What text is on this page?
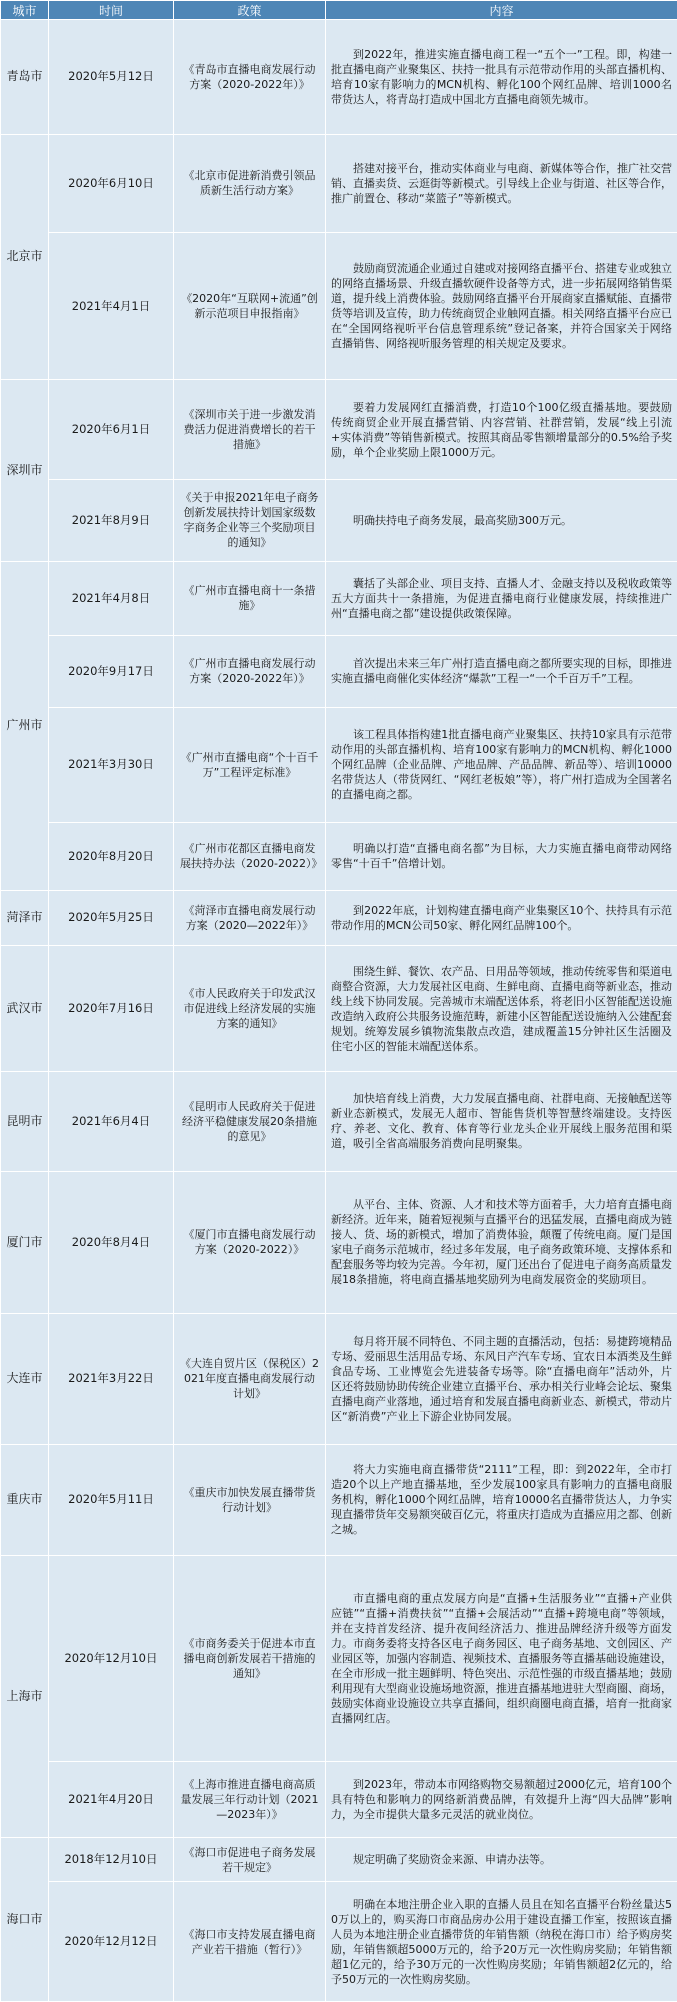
城市	时间	政策	内容
青岛市	2020年5月12日	《青岛市直播电商发展行动方案（2020-2022年）》	到2022年，推进实施直播电商工程一“五个一”工程。即，构建一批直播电商产业聚集区、扶持一批具有示范带动作用的头部直播机构、培育10家有影响力的MCN机构、孵化100个网红品牌、培训1000名带货达人，将青岛打造成中国北方直播电商领先城市。
北京市	2020年6月10日	《北京市促进新消费引领品质新生活行动方案》	搭建对接平台，推动实体商业与电商、新媒体等合作，推广社交营销、直播卖货、云逛街等新模式。引导线上企业与街道、社区等合作，推广前置仓、移动“菜篮子”等新模式。
	2021年4月1日	《2020年“互联网+流通”创新示范项目申报指南》	鼓励商贸流通企业通过自建或对接网络直播平台、搭建专业或独立的网络直播场景、升级直播软硬件设备等方式，进一步拓展网络销售渠道，提升线上消费体验。鼓励网络直播平台开展商家直播赋能、直播带货等培训及宣传，助力传统商贸企业触网直播。相关网络直播平台应已在“全国网络视听平台信息管理系统”登记备案，并符合国家关于网络直播销售、网络视听服务管理的相关规定及要求。
深圳市	2020年6月1日	《深圳市关于进一步激发消费活力促进消费增长的若干措施》	要着力发展网红直播消费，打造10个100亿级直播基地。要鼓励传统商贸企业开展直播营销、内容营销、社群营销，发展“线上引流+实体消费”等销售新模式。按照其商品零售额增量部分的0.5%给予奖励，单个企业奖励上限1000万元。
	2021年8月9日	《关于申报2021年电子商务创新发展扶持计划国家级数字商务企业等三个奖励项目的通知》	明确扶持电子商务发展，最高奖励300万元。
广州市	2021年4月8日	《广州市直播电商十一条措施》	囊括了头部企业、项目支持、直播人才、金融支持以及税收政策等五大方面共十一条措施，为促进直播电商行业健康发展，持续推进广州“直播电商之都”建设提供政策保障。
	2020年9月17日	《广州市直播电商发展行动方案（2020-2022年）》	首次提出未来三年广州打造直播电商之都所要实现的目标，即推进实施直播电商催化实体经济“爆款”工程一“一个千百万千”工程。
	2021年3月30日	《广州市直播电商“个十百千万”工程评定标准》	该工程具体指构建1批直播电商产业聚集区、扶持10家具有示范带动作用的头部直播机构、培育100家有影响力的MCN机构、孵化1000个网红品牌（企业品牌、产地品牌、产品品牌、新品等）、培训10000名带货达人（带货网红、“网红老板娘”等），将广州打造成为全国著名的直播电商之都。
	2020年8月20日	《广州市花都区直播电商发展扶持办法（2020-2022）》	明确以打造“直播电商名都”为目标，大力实施直播电商带动网络零售“十百千”倍增计划。
菏泽市	2020年5月25日	《菏泽市直播电商发展行动方案（2020—2022年）》	到2022年底，计划构建直播电商产业集聚区10个、扶持具有示范带动作用的MCN公司50家、孵化网红品牌100个。
武汉市	2020年7月16日	《市人民政府关于印发武汉市促进线上经济发展的实施方案的通知》	围绕生鲜、餐饮、农产品、日用品等领域，推动传统零售和渠道电商整合资源，大力发展社区电商、生鲜电商、直播电商等新业态，推动线上线下协同发展。完善城市末端配送体系，将老旧小区智能配送设施改造纳入政府公共服务设施范畴，新建小区智能配送设施纳入公建配套规划。统筹发展乡镇物流集散点改造，建成覆盖15分钟社区生活圈及住宅小区的智能末端配送体系。
昆明市	2021年6月4日	《昆明市人民政府关于促进经济平稳健康发展20条措施的意见》	加快培育线上消费，大力发展直播电商、社群电商、无接触配送等新业态新模式，发展无人超市、智能售货机等智慧终端建设。支持医疗、养老、文化、教育、体育等行业龙头企业开展线上服务范围和渠道，吸引全省高端服务消费向昆明聚集。
厦门市	2020年8月4日	《厦门市直播电商发展行动方案（2020-2022）》	从平台、主体、资源、人才和技术等方面着手，大力培育直播电商新经济。近年来，随着短视频与直播平台的迅猛发展，直播电商成为链接人、货、场的新模式，增加了消费体验，颠覆了传统电商。厦门是国家电子商务示范城市，经过多年发展，电子商务政策环境、支撑体系和配套服务等均较为完善。今年初，厦门还出台了促进电子商务高质量发展18条措施，将电商直播基地奖励列为电商发展资金的奖励项目。
大连市	2021年3月22日	《大连自贸片区（保税区）2021年度直播电商发展行动计划》	每月将开展不同特色、不同主题的直播活动，包括：易捷跨境精品专场、爱丽思生活用品专场、东风日产汽车专场、宜农日本酒类及生鲜食品专场、工业博览会先进装备专场等。除“直播电商年”活动外，片区还将鼓励协助传统企业建立直播平台、承办相关行业峰会论坛、聚集直播电商产业落地，通过培育和发展直播电商新业态、新模式，带动片区“新消费”产业上下游企业协同发展。
重庆市	2020年5月11日	《重庆市加快发展直播带货行动计划》	将大力实施电商直播带货“2111”工程，即：到2022年，全市打造20个以上产地直播基地，至少发展100家具有影响力的直播电商服务机构，孵化1000个网红品牌，培育10000名直播带货达人，力争实现直播带货年交易额突破百亿元，将重庆打造成为直播应用之都、创新之城。
上海市	2020年12月10日	《市商务委关于促进本市直播电商创新发展若干措施的通知》	市直播电商的重点发展方向是“直播+生活服务业”“直播+产业供应链”“直播+消费扶贫”“直播+会展活动”“直播+跨境电商”等领域，并在支持首发经济、提升夜间经济活力、推进品牌经济升级等方面发力。市商务委将支持各区电子商务园区、电子商务基地、文创园区、产业园区等，加强内容制造、视频技术、直播服务等直播基础设施建设，在全市形成一批主题鲜明、特色突出、示范性强的市级直播基地；鼓励利用现有大型商业设施场地资源，推进直播基地进驻大型商圈、商场，鼓励实体商业设施设立共享直播间，组织商圈电商直播，培育一批商家直播网红店。
	2021年4月20日	《上海市推进直播电商高质量发展三年行动计划（2021—2023年）》	到2023年，带动本市网络购物交易额超过2000亿元，培育100个具有特色和影响力的网络新消费品牌，有效提升上海“四大品牌”影响力，为全市提供大量多元灵活的就业岗位。
海口市	2018年12月10日	《海口市促进电子商务发展若干规定》	规定明确了奖励资金来源、申请办法等。
	2020年12月12日	《海口市支持发展直播电商产业若干措施（暂行）》	明确在本地注册企业入职的直播人员且在知名直播平台粉丝量达50万以上的，购买海口市商品房办公用于建设直播工作室，按照该直播人员为本地注册企业直播带货的年销售额（纳税在海口市）给予购房奖励，年销售额超5000万元的，给予20万元一次性购房奖励；年销售额超1亿元的，给予30万元的一次性购房奖励；年销售额超2亿元的，给予50万元的一次性购房奖励。
